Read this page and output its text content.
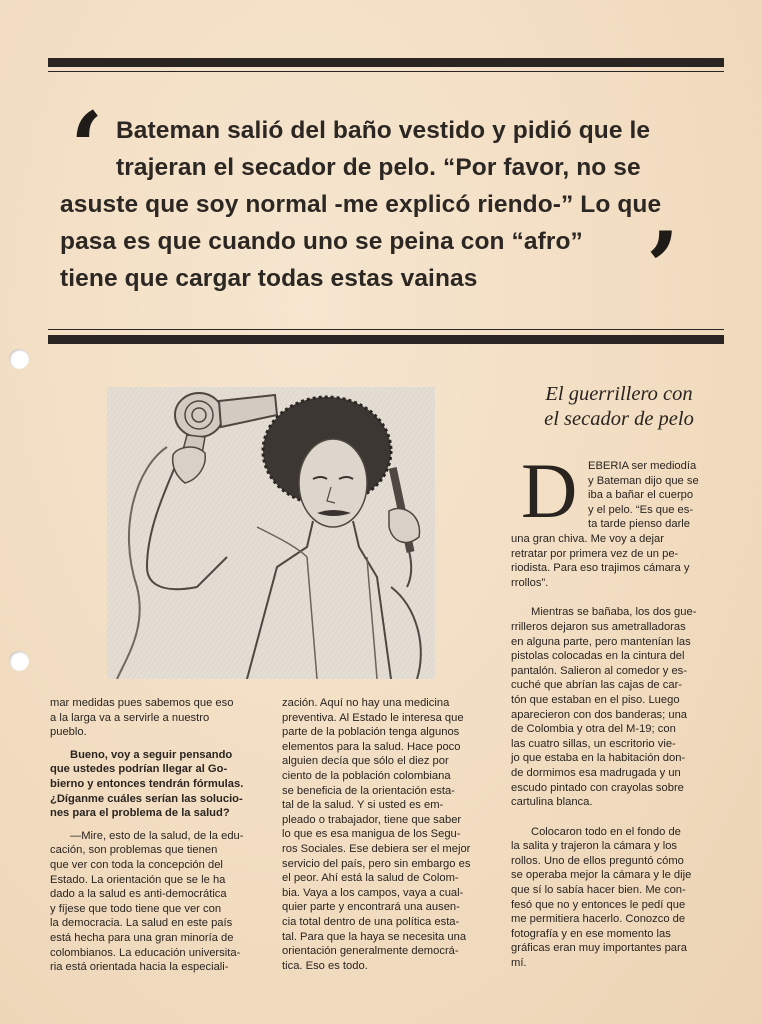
‘ Bateman salió del baño vestido y pidió que le

trajeran el secador de pelo. “Por favor, no se

asuste que soy normal -me explicó riendo-” Lo que

pasa es que cuando uno se peina con “afro”

tiene que cargar todas estas vainas ’
El guerrillero con
el secador de pelo

mar medidas pues sabemos que eso

a la larga va a servirle a nuestro

pueblo.

Bueno, voy a seguir pensando

que ustedes podrían llegar al Go-

bierno y entonces tendrán fórmulas.

¿Díganme cuáles serían las solucio-

nes para el problema de la salud?

—Mire, esto de la salud, de la edu-

cación, son problemas que tienen

que ver con toda la concepción del

Estado. La orientación que se le ha

dado a la salud es anti-democrática

y fíjese que todo tiene que ver con

la democracia. La salud en este país

está hecha para una gran minoría de

colombianos. La educación universita-

ria está orientada hacia la especiali-

zación. Aquí no hay una medicina

preventiva. Al Estado le interesa que

parte de la población tenga algunos

elementos para la salud. Hace poco

alguien decía que sólo el diez por

ciento de la población colombiana

se beneficia de la orientación esta-

tal de la salud. Y si usted es em-

pleado o trabajador, tiene que saber

lo que es esa manigua de los Segu-

ros Sociales. Ese debiera ser el mejor

servicio del país, pero sin embargo es

el peor. Ahí está la salud de Colom-

bia. Vaya a los campos, vaya a cual-

quier parte y encontrará una ausen-

cia total dentro de una política esta-

tal. Para que la haya se necesita una

orientación generalmente democrá-

tica. Eso es todo.

D EBERIA ser mediodía

y Bateman dijo que se

iba a bañar el cuerpo

y el pelo. “Es que es-

ta tarde pienso darle

una gran chiva. Me voy a dejar

retratar por primera vez de un pe-

riodista. Para eso trajimos cámara y

rrollos”.

Mientras se bañaba, los dos gue-

rrilleros dejaron sus ametralladoras

en alguna parte, pero mantenían las

pistolas colocadas en la cintura del

pantalón. Salieron al comedor y es-

cuché que abrían las cajas de car-

tón que estaban en el piso. Luego

aparecieron con dos banderas; una

de Colombia y otra del M-19; con

las cuatro sillas, un escritorio vie-

jo que estaba en la habitación don-

de dormimos esa madrugada y un

escudo pintado con crayolas sobre

cartulina blanca.

Colocaron todo en el fondo de

la salita y trajeron la cámara y los

rollos. Uno de ellos preguntó cómo

se operaba mejor la cámara y le dije

que sí lo sabía hacer bien. Me con-

fesó que no y entonces le pedí que

me permitiera hacerlo. Conozco de

fotografía y en ese momento las

gráficas eran muy importantes para

mí.
